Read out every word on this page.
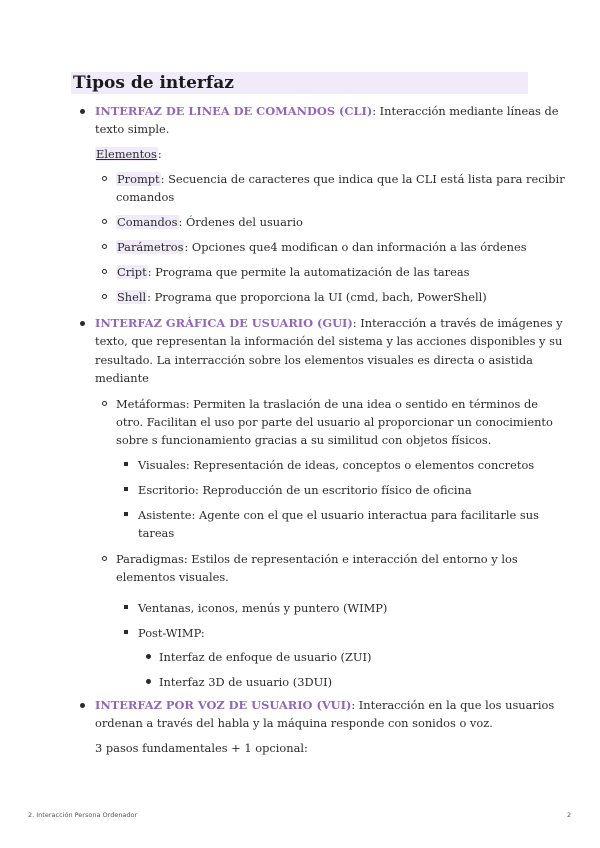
Tipos de interfaz
INTERFAZ DE LINEA DE COMANDOS (CLI): Interacción mediante líneas de
texto simple.
Elementos:
Prompt: Secuencia de caracteres que indica que la CLI está lista para recibir
comandos
Comandos: Órdenes del usuario
Parámetros: Opciones que4 modifican o dan información a las órdenes
Cript: Programa que permite la automatización de las tareas
Shell: Programa que proporciona la UI (cmd, bach, PowerShell)
INTERFAZ GRÁFICA DE USUARIO (GUI): Interacción a través de imágenes y
texto, que representan la información del sistema y las acciones disponibles y su
resultado. La interracción sobre los elementos visuales es directa o asistida
mediante
Metáformas: Permiten la traslación de una idea o sentido en términos de
otro. Facilitan el uso por parte del usuario al proporcionar un conocimiento
sobre s funcionamiento gracias a su similitud con objetos físicos.
Visuales: Representación de ideas, conceptos o elementos concretos
Escritorio: Reproducción de un escritorio físico de oficina
Asistente: Agente con el que el usuario interactua para facilitarle sus
tareas
Paradigmas: Estilos de representación e interacción del entorno y los
elementos visuales.
Ventanas, iconos, menús y puntero (WIMP)
Post-WIMP:
Interfaz de enfoque de usuario (ZUI)
Interfaz 3D de usuario (3DUI)
INTERFAZ POR VOZ DE USUARIO (VUI): Interacción en la que los usuarios
ordenan a través del habla y la máquina responde con sonidos o voz.
3 pasos fundamentales + 1 opcional:
2. Interacción Persona Ordenador	2
